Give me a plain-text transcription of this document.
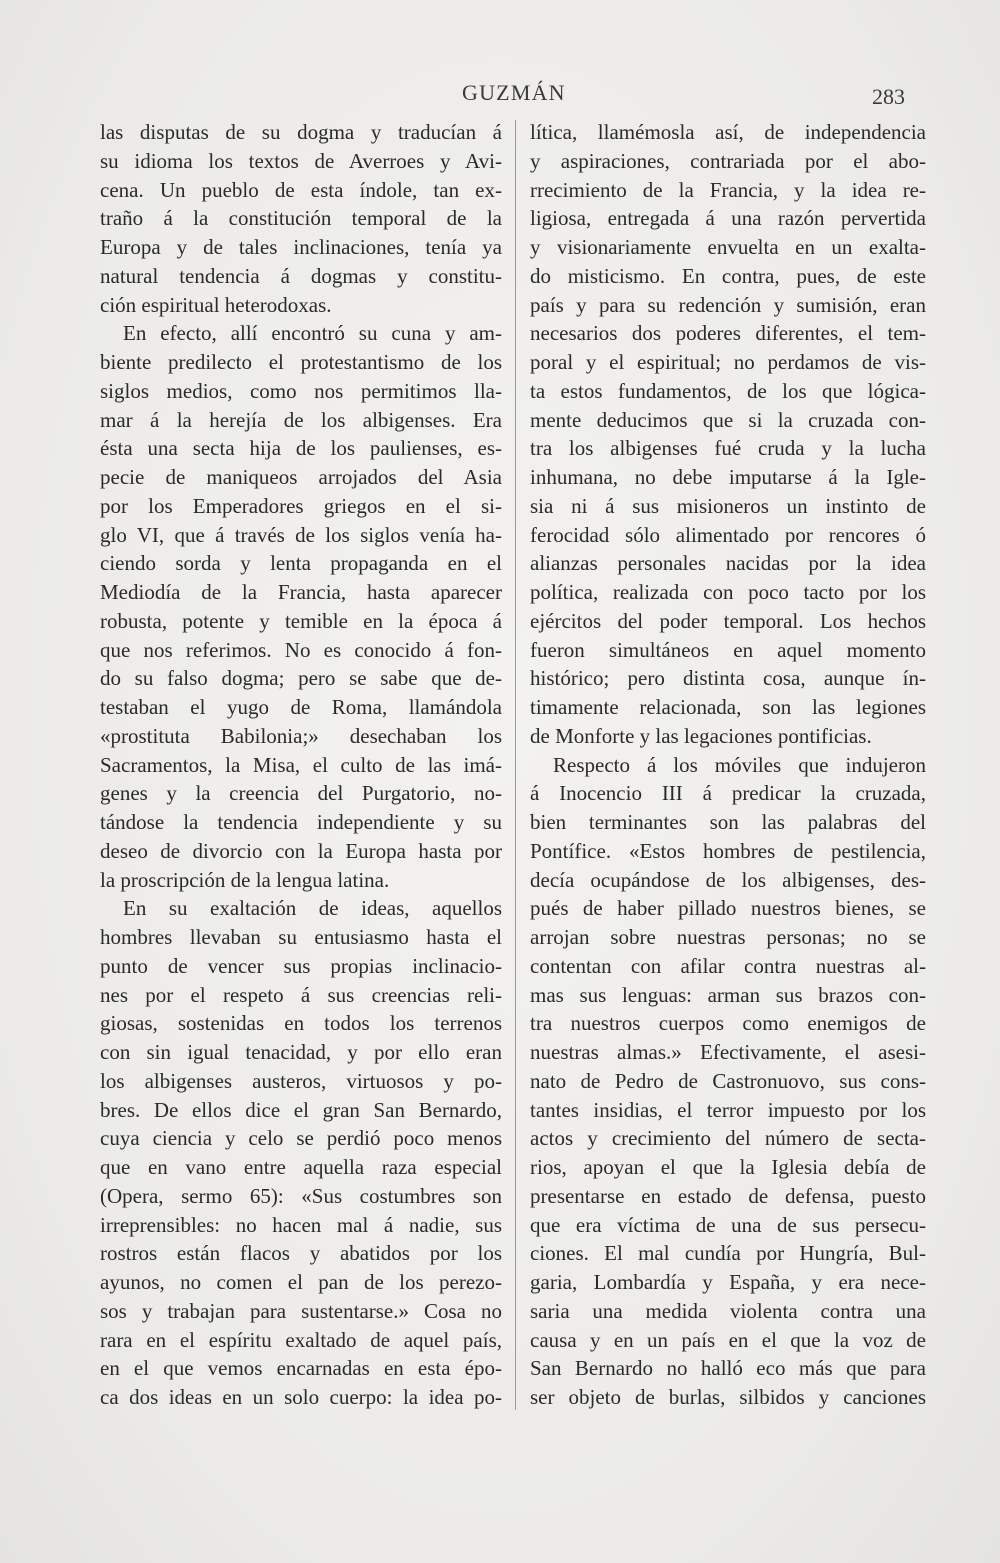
GUZMÁN	283
las disputas de su dogma y traducían á
su idioma los textos de Averroes y Avi-
cena. Un pueblo de esta índole, tan ex-
traño á la constitución temporal de la
Europa y de tales inclinaciones, tenía ya
natural tendencia á dogmas y constitu-
ción espiritual heterodoxas.
En efecto, allí encontró su cuna y am-
biente predilecto el protestantismo de los
siglos medios, como nos permitimos lla-
mar á la herejía de los albigenses. Era
ésta una secta hija de los paulienses, es-
pecie de maniqueos arrojados del Asia
por los Emperadores griegos en el si-
glo VI, que á través de los siglos venía ha-
ciendo sorda y lenta propaganda en el
Mediodía de la Francia, hasta aparecer
robusta, potente y temible en la época á
que nos referimos. No es conocido á fon-
do su falso dogma; pero se sabe que de-
testaban el yugo de Roma, llamándola
«prostituta Babilonia;» desechaban los
Sacramentos, la Misa, el culto de las imá-
genes y la creencia del Purgatorio, no-
tándose la tendencia independiente y su
deseo de divorcio con la Europa hasta por
la proscripción de la lengua latina.
En su exaltación de ideas, aquellos
hombres llevaban su entusiasmo hasta el
punto de vencer sus propias inclinacio-
nes por el respeto á sus creencias reli-
giosas, sostenidas en todos los terrenos
con sin igual tenacidad, y por ello eran
los albigenses austeros, virtuosos y po-
bres. De ellos dice el gran San Bernardo,
cuya ciencia y celo se perdió poco menos
que en vano entre aquella raza especial
(Opera, sermo 65): «Sus costumbres son
irreprensibles: no hacen mal á nadie, sus
rostros están flacos y abatidos por los
ayunos, no comen el pan de los perezo-
sos y trabajan para sustentarse.» Cosa no
rara en el espíritu exaltado de aquel país,
en el que vemos encarnadas en esta épo-
ca dos ideas en un solo cuerpo: la idea po-
lítica, llamémosla así, de independencia
y aspiraciones, contrariada por el abo-
rrecimiento de la Francia, y la idea re-
ligiosa, entregada á una razón pervertida
y visionariamente envuelta en un exalta-
do misticismo. En contra, pues, de este
país y para su redención y sumisión, eran
necesarios dos poderes diferentes, el tem-
poral y el espiritual; no perdamos de vis-
ta estos fundamentos, de los que lógica-
mente deducimos que si la cruzada con-
tra los albigenses fué cruda y la lucha
inhumana, no debe imputarse á la Igle-
sia ni á sus misioneros un instinto de
ferocidad sólo alimentado por rencores ó
alianzas personales nacidas por la idea
política, realizada con poco tacto por los
ejércitos del poder temporal. Los hechos
fueron simultáneos en aquel momento
histórico; pero distinta cosa, aunque ín-
timamente relacionada, son las legiones
de Monforte y las legaciones pontificias.
Respecto á los móviles que indujeron
á Inocencio III á predicar la cruzada,
bien terminantes son las palabras del
Pontífice. «Estos hombres de pestilencia,
decía ocupándose de los albigenses, des-
pués de haber pillado nuestros bienes, se
arrojan sobre nuestras personas; no se
contentan con afilar contra nuestras al-
mas sus lenguas: arman sus brazos con-
tra nuestros cuerpos como enemigos de
nuestras almas.» Efectivamente, el asesi-
nato de Pedro de Castronuovo, sus cons-
tantes insidias, el terror impuesto por los
actos y crecimiento del número de secta-
rios, apoyan el que la Iglesia debía de
presentarse en estado de defensa, puesto
que era víctima de una de sus persecu-
ciones. El mal cundía por Hungría, Bul-
garia, Lombardía y España, y era nece-
saria una medida violenta contra una
causa y en un país en el que la voz de
San Bernardo no halló eco más que para
ser objeto de burlas, silbidos y canciones
